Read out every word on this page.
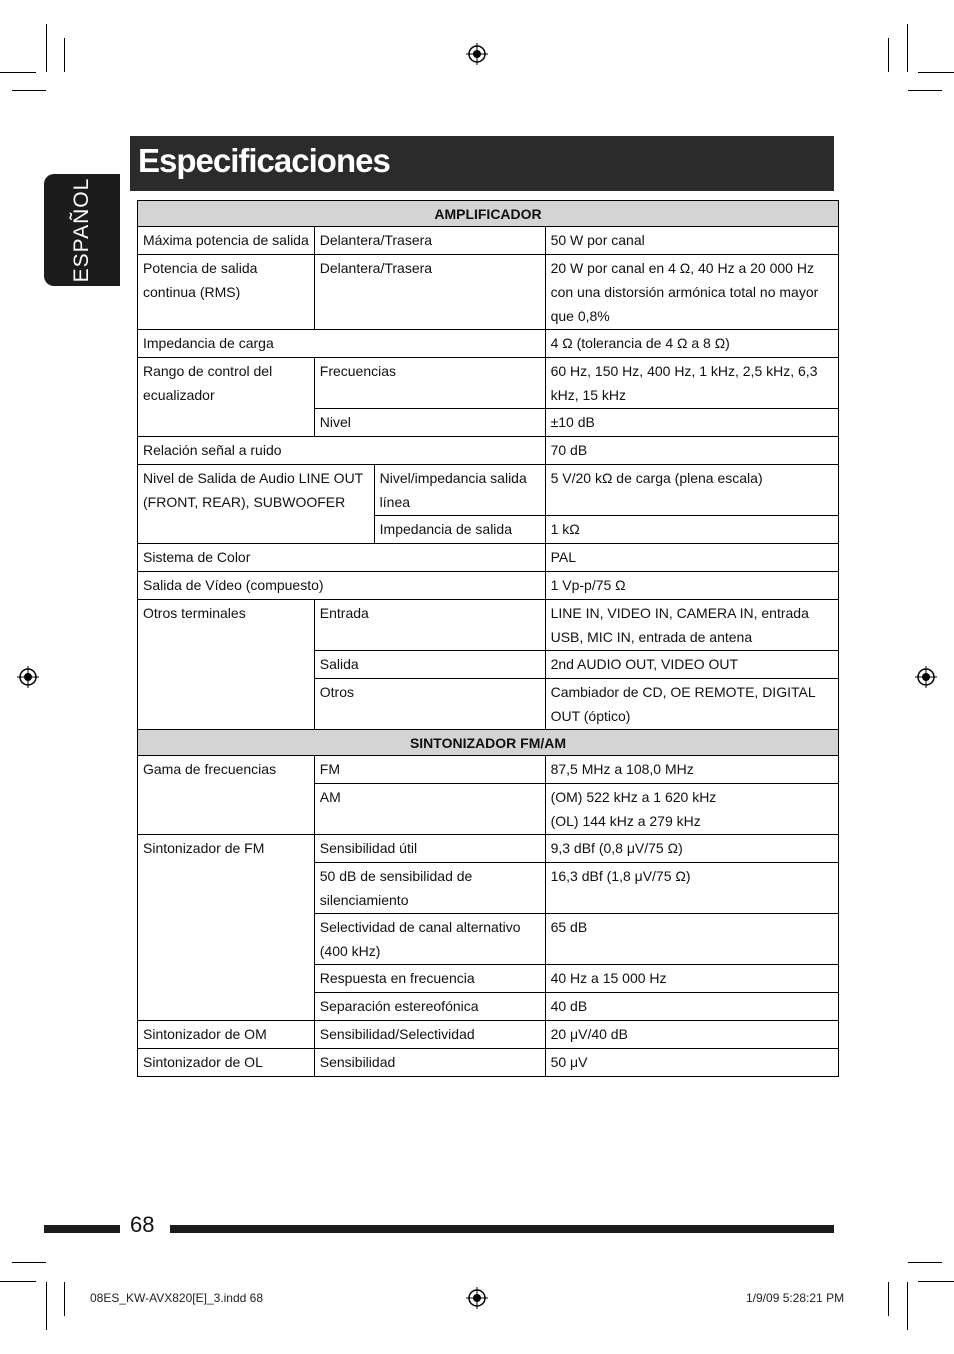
Especificaciones
ESPAÑOL	AMPLIFICADOR			
Máxima potencia de salida	Delantera/Trasera		50 W por canal
Potencia de salida continua (RMS)	Delantera/Trasera		20 W por canal en 4 Ω, 40 Hz a 20 000 Hz con una distorsión armónica total no mayor que 0,8%
Impedancia de carga			4 Ω (tolerancia de 4 Ω a 8 Ω)
Rango de control del ecualizador	Frecuencias		60 Hz, 150 Hz, 400 Hz, 1 kHz, 2,5 kHz, 6,3 kHz, 15 kHz
	Nivel		±10 dB
Relación señal a ruido			70 dB
Nivel de Salida de Audio LINE OUT (FRONT, REAR), SUBWOOFER		Nivel/impedancia salida línea	5 V/20 kΩ de carga (plena escala)
		Impedancia de salida	1 kΩ
Sistema de Color			PAL
Salida de Vídeo (compuesto)			1 Vp-p/75 Ω
Otros terminales	Entrada		LINE IN, VIDEO IN, CAMERA IN, entrada USB, MIC IN, entrada de antena
	Salida		2nd AUDIO OUT, VIDEO OUT
	Otros		Cambiador de CD, OE REMOTE, DIGITAL OUT (óptico)
SINTONIZADOR FM/AM			
Gama de frecuencias	FM		87,5 MHz a 108,0 MHz
	AM		(OM) 522 kHz a 1 620 kHz
(OL) 144 kHz a 279 kHz

Sintonizador de FM	Sensibilidad útil		9,3 dBf (0,8 μV/75 Ω)
	50 dB de sensibilidad de silenciamiento		16,3 dBf (1,8 μV/75 Ω)
	Selectividad de canal alternativo (400 kHz)		65 dB
	Respuesta en frecuencia		40 Hz a 15 000 Hz
	Separación estereofónica		40 dB
Sintonizador de OM	Sensibilidad/Selectividad		20 μV/40 dB
Sintonizador de OL	Sensibilidad		50 μV
68
08ES_KW-AVX820[E]_3.indd 68	1/9/09 5:28:21 PM
